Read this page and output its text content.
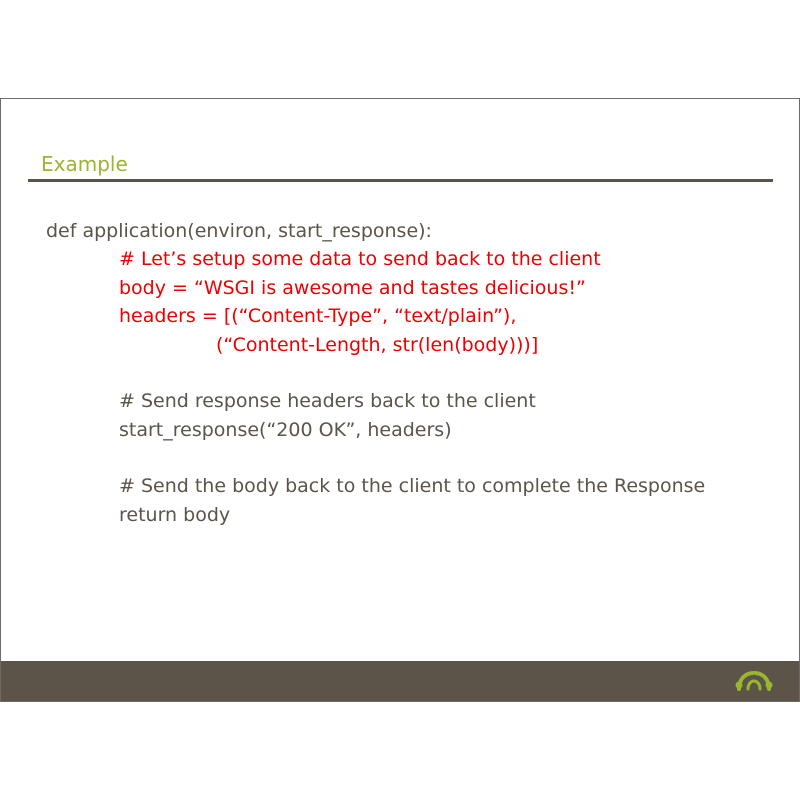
Example
def application(environ, start_response):
# Let’s setup some data to send back to the client
body = “WSGI is awesome and tastes delicious!”
headers = [(“Content-Type”, “text/plain”),
(“Content-Length, str(len(body)))]
# Send response headers back to the client
start_response(“200 OK”, headers)
# Send the body back to the client to complete the Response
return body
